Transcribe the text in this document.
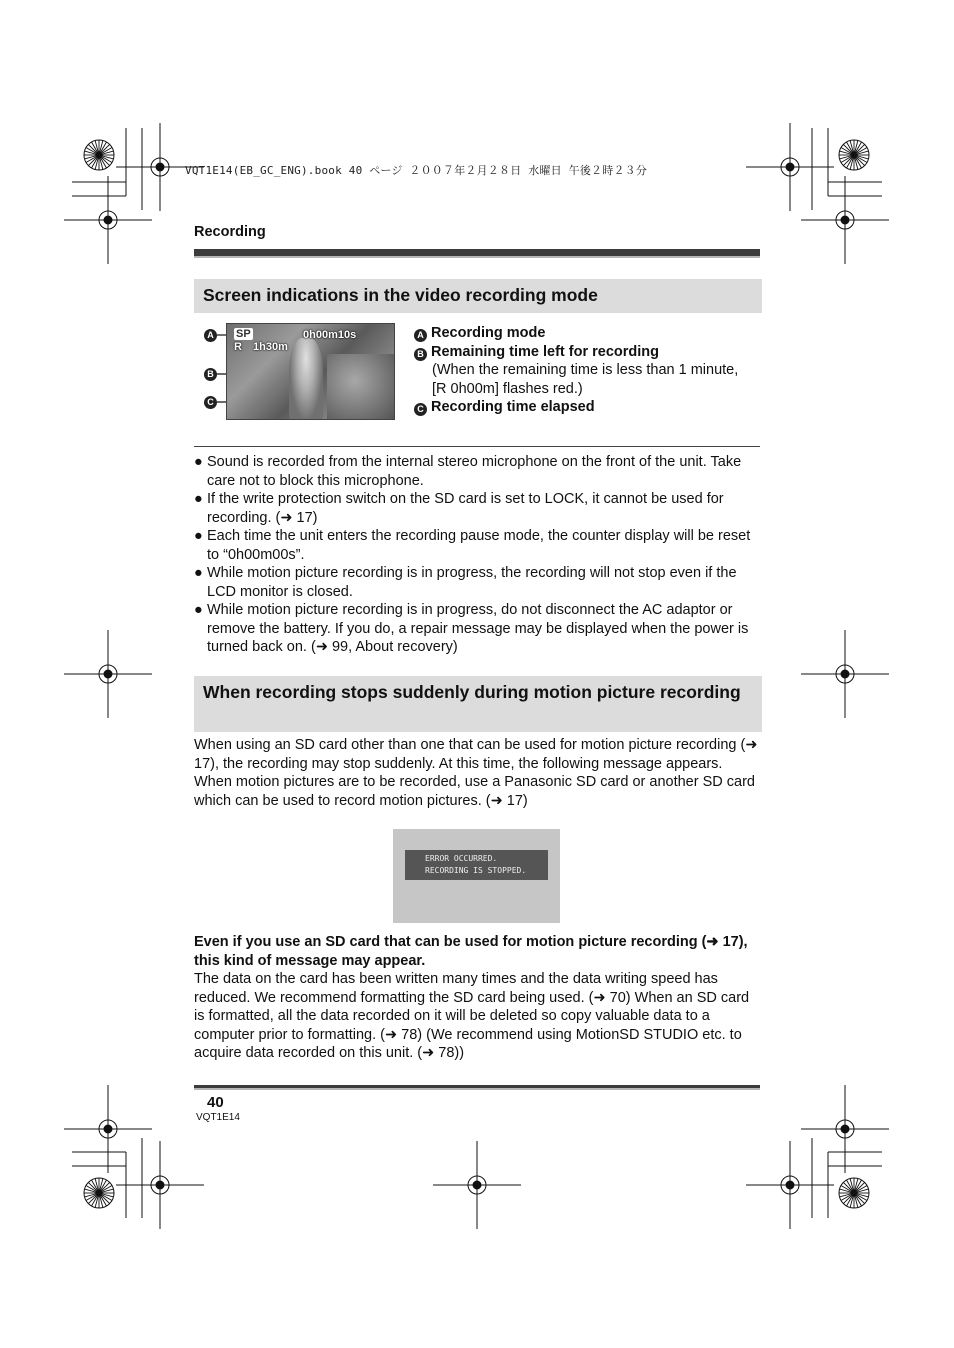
VQT1E14(EB_GC_ENG).book 40 ページ ２００７年２月２８日 水曜日 午後２時２３分
Recording
Screen indications in the video recording mode
A
B
C
SP
R 1h30m
0h00m10s	A Recording mode
B Remaining time left for recording
(When the remaining time is less than 1 minute,
[R 0h00m] flashes red.)
C Recording time elapsed
● Sound is recorded from the internal stereo microphone on the front of the unit. Take care not to block this microphone.
● If the write protection switch on the SD card is set to LOCK, it cannot be used for recording. (➜ 17)
● Each time the unit enters the recording pause mode, the counter display will be reset to “0h00m00s”.
● While motion picture recording is in progress, the recording will not stop even if the LCD monitor is closed.
● While motion picture recording is in progress, do not disconnect the AC adaptor or remove the battery. If you do, a repair message may be displayed when the power is turned back on. (➜ 99, About recovery)
When recording stops suddenly during motion picture recording
When using an SD card other than one that can be used for motion picture recording (➜ 17), the recording may stop suddenly. At this time, the following message appears. When motion pictures are to be recorded, use a Panasonic SD card or another SD card which can be used to record motion pictures. (➜ 17)
ERROR OCCURRED.
RECORDING IS STOPPED.
Even if you use an SD card that can be used for motion picture recording (➜ 17), this kind of message may appear.
The data on the card has been written many times and the data writing speed has reduced. We recommend formatting the SD card being used. (➜ 70) When an SD card is formatted, all the data recorded on it will be deleted so copy valuable data to a computer prior to formatting. (➜ 78) (We recommend using MotionSD STUDIO etc. to acquire data recorded on this unit. (➜ 78))
40
VQT1E14
